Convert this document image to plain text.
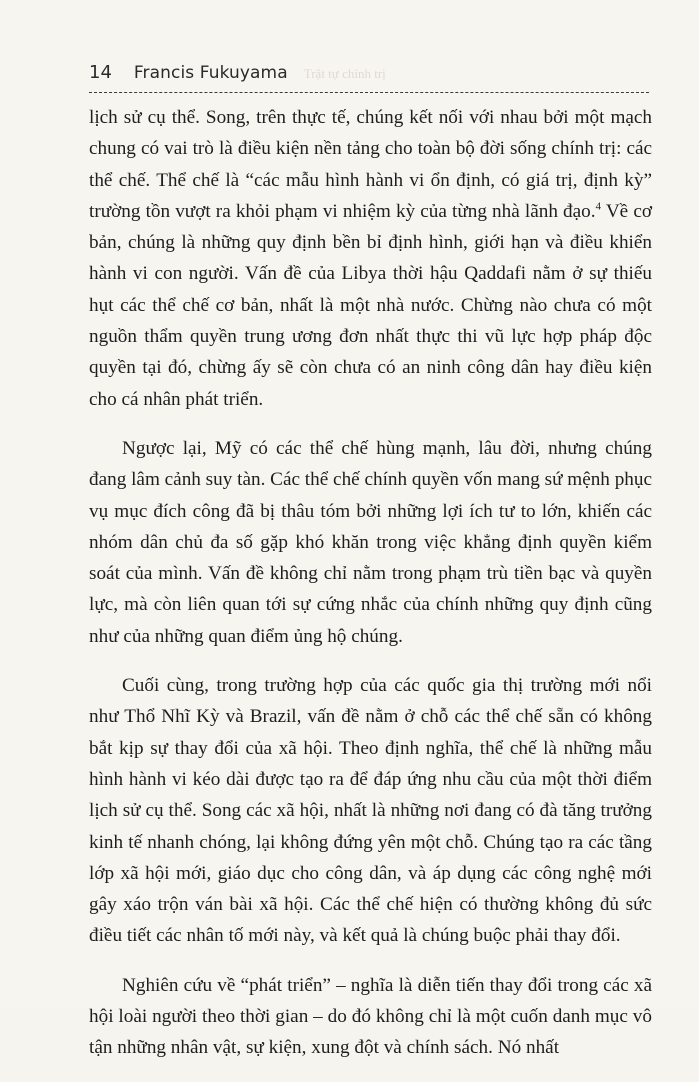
14 Francis Fukuyama Trật tự chính trị

lịch sử cụ thể. Song, trên thực tế, chúng kết nối với nhau bởi một mạch chung có vai trò là điều kiện nền tảng cho toàn bộ đời sống chính trị: các thể chế. Thể chế là “các mẫu hình hành vi ổn định, có giá trị, định kỳ” trường tồn vượt ra khỏi phạm vi nhiệm kỳ của từng nhà lãnh đạo.$^4$ Về cơ bản, chúng là những quy định bền bỉ định hình, giới hạn và điều khiển hành vi con người. Vấn đề của Libya thời hậu Qaddafi nằm ở sự thiếu hụt các thể chế cơ bản, nhất là một nhà nước. Chừng nào chưa có một nguồn thẩm quyền trung ương đơn nhất thực thi vũ lực hợp pháp độc quyền tại đó, chừng ấy sẽ còn chưa có an ninh công dân hay điều kiện cho cá nhân phát triển.

Ngược lại, Mỹ có các thể chế hùng mạnh, lâu đời, nhưng chúng đang lâm cảnh suy tàn. Các thể chế chính quyền vốn mang sứ mệnh phục vụ mục đích công đã bị thâu tóm bởi những lợi ích tư to lớn, khiến các nhóm dân chủ đa số gặp khó khăn trong việc khẳng định quyền kiểm soát của mình. Vấn đề không chỉ nằm trong phạm trù tiền bạc và quyền lực, mà còn liên quan tới sự cứng nhắc của chính những quy định cũng như của những quan điểm ủng hộ chúng.

Cuối cùng, trong trường hợp của các quốc gia thị trường mới nổi như Thổ Nhĩ Kỳ và Brazil, vấn đề nằm ở chỗ các thể chế sẵn có không bắt kịp sự thay đổi của xã hội. Theo định nghĩa, thể chế là những mẫu hình hành vi kéo dài được tạo ra để đáp ứng nhu cầu của một thời điểm lịch sử cụ thể. Song các xã hội, nhất là những nơi đang có đà tăng trưởng kinh tế nhanh chóng, lại không đứng yên một chỗ. Chúng tạo ra các tầng lớp xã hội mới, giáo dục cho công dân, và áp dụng các công nghệ mới gây xáo trộn ván bài xã hội. Các thể chế hiện có thường không đủ sức điều tiết các nhân tố mới này, và kết quả là chúng buộc phải thay đổi.

Nghiên cứu về “phát triển” – nghĩa là diễn tiến thay đổi trong các xã hội loài người theo thời gian – do đó không chỉ là một cuốn danh mục vô tận những nhân vật, sự kiện, xung đột và chính sách. Nó nhất
